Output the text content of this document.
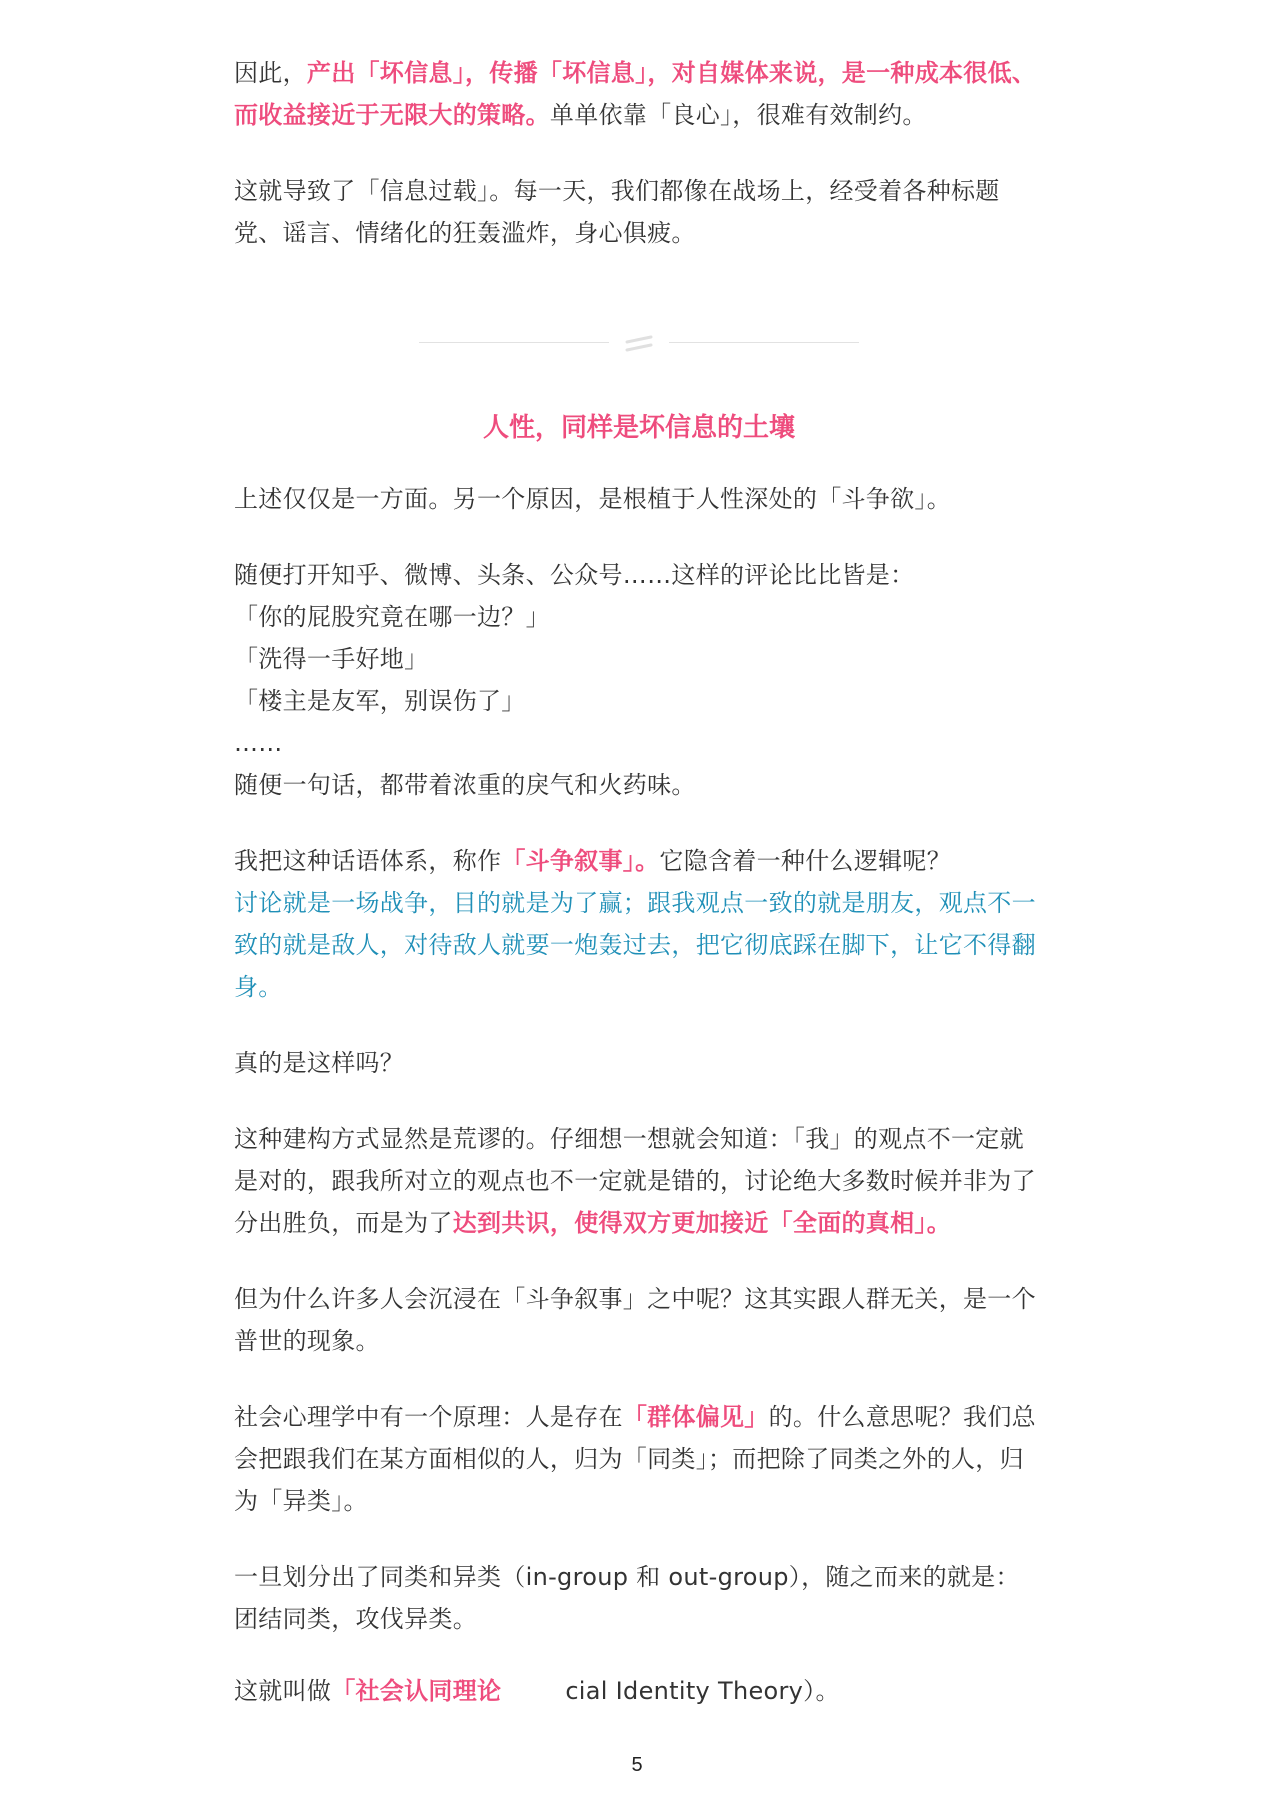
因此，产出「坏信息」，传播「坏信息」，对自媒体来说，是一种成本很低、而收益接近于无限大的策略。单单依靠「良心」，很难有效制约。

这就导致了「信息过载」。每一天，我们都像在战场上，经受着各种标题党、谣言、情绪化的狂轰滥炸，身心俱疲。

人性，同样是坏信息的土壤

上述仅仅是一方面。另一个原因，是根植于人性深处的「斗争欲」。

随便打开知乎、微博、头条、公众号……这样的评论比比皆是：

「你的屁股究竟在哪一边？」

「洗得一手好地」

「楼主是友军，别误伤了」

……

随便一句话，都带着浓重的戾气和火药味。

我把这种话语体系，称作「斗争叙事」。它隐含着一种什么逻辑呢？

讨论就是一场战争，目的就是为了赢；跟我观点一致的就是朋友，观点不一致的就是敌人，对待敌人就要一炮轰过去，把它彻底踩在脚下，让它不得翻身。

真的是这样吗？

这种建构方式显然是荒谬的。仔细想一想就会知道：「我」的观点不一定就是对的，跟我所对立的观点也不一定就是错的，讨论绝大多数时候并非为了分出胜负，而是为了达到共识，使得双方更加接近「全面的真相」。

但为什么许多人会沉浸在「斗争叙事」之中呢？这其实跟人群无关，是一个普世的现象。

社会心理学中有一个原理：人是存在「群体偏见」的。什么意思呢？我们总会把跟我们在某方面相似的人，归为「同类」；而把除了同类之外的人，归为「异类」。

一旦划分出了同类和异类（in-group 和 out-group），随之而来的就是：团结同类，攻伐异类。

这就叫做「社会认同理论	cial Identity Theory）。

5
